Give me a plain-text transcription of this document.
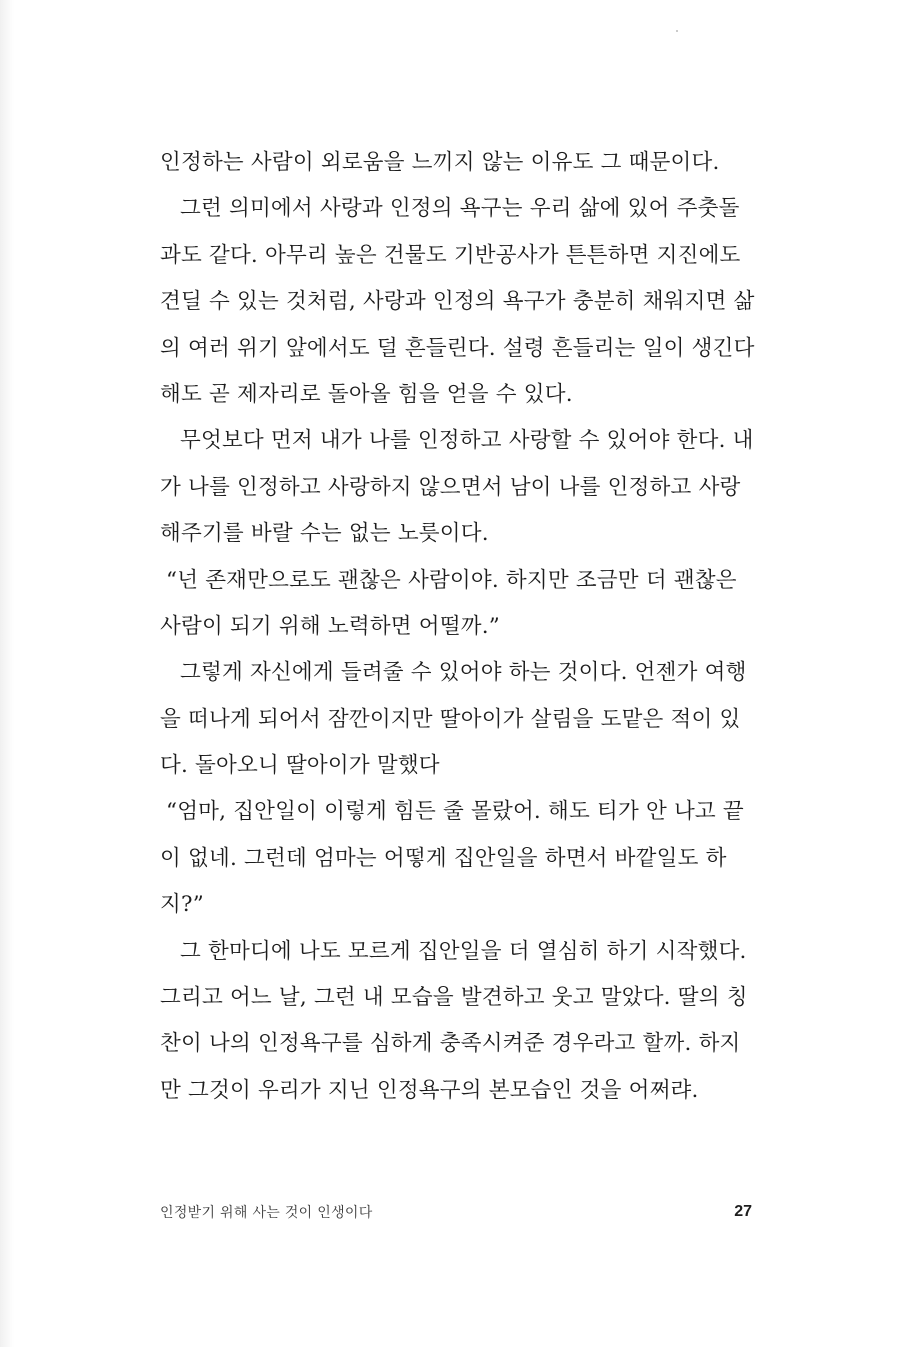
인정하는 사람이 외로움을 느끼지 않는 이유도 그 때문이다.
그런 의미에서 사랑과 인정의 욕구는 우리 삶에 있어 주춧돌
과도 같다. 아무리 높은 건물도 기반공사가 튼튼하면 지진에도
견딜 수 있는 것처럼, 사랑과 인정의 욕구가 충분히 채워지면 삶
의 여러 위기 앞에서도 덜 흔들린다. 설령 흔들리는 일이 생긴다
해도 곧 제자리로 돌아올 힘을 얻을 수 있다.
무엇보다 먼저 내가 나를 인정하고 사랑할 수 있어야 한다. 내
가 나를 인정하고 사랑하지 않으면서 남이 나를 인정하고 사랑
해주기를 바랄 수는 없는 노릇이다.
“넌 존재만으로도 괜찮은 사람이야. 하지만 조금만 더 괜찮은
사람이 되기 위해 노력하면 어떨까.”
그렇게 자신에게 들려줄 수 있어야 하는 것이다. 언젠가 여행
을 떠나게 되어서 잠깐이지만 딸아이가 살림을 도맡은 적이 있
다. 돌아오니 딸아이가 말했다
“엄마, 집안일이 이렇게 힘든 줄 몰랐어. 해도 티가 안 나고 끝
이 없네. 그런데 엄마는 어떻게 집안일을 하면서 바깥일도 하
지?”
그 한마디에 나도 모르게 집안일을 더 열심히 하기 시작했다.
그리고 어느 날, 그런 내 모습을 발견하고 웃고 말았다. 딸의 칭
찬이 나의 인정욕구를 심하게 충족시켜준 경우라고 할까. 하지
만 그것이 우리가 지닌 인정욕구의 본모습인 것을 어쩌랴.
인정받기 위해 사는 것이 인생이다	27
